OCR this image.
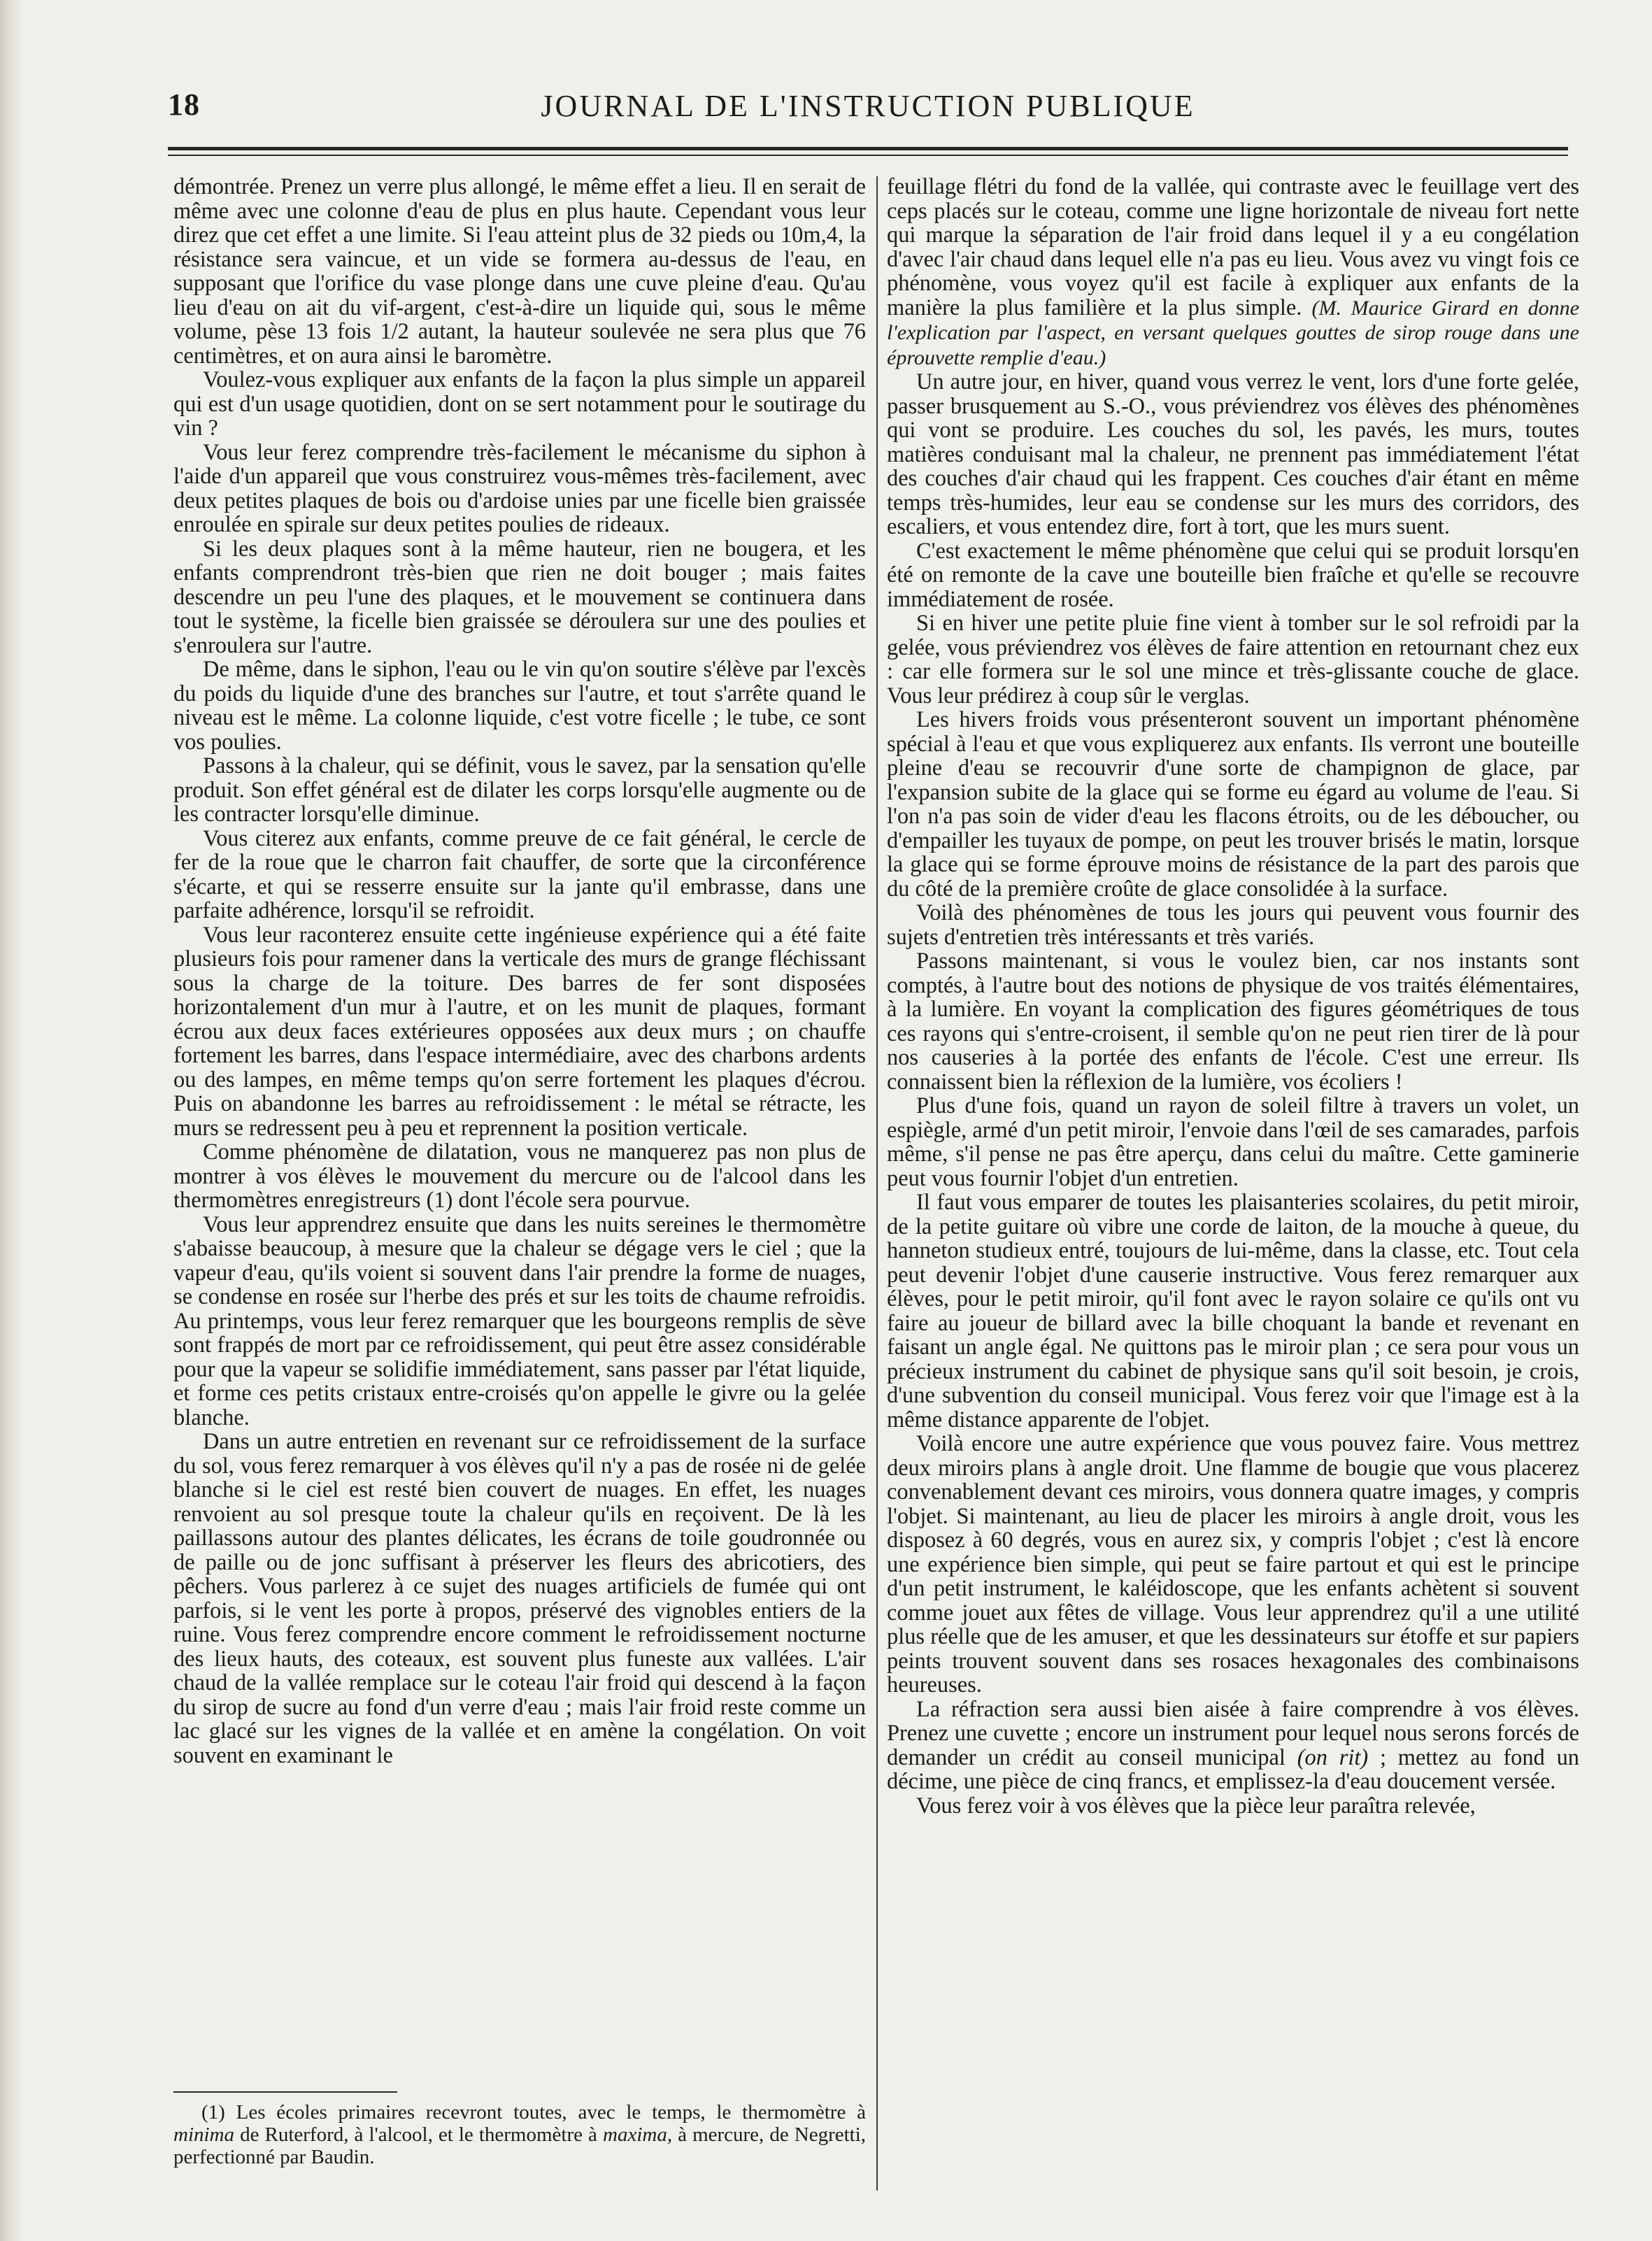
18	JOURNAL DE L'INSTRUCTION PUBLIQUE

démontrée. Prenez un verre plus allongé, le même effet a lieu. Il en serait de même avec une colonne d'eau de plus en plus haute. Cependant vous leur direz que cet effet a une limite. Si l'eau atteint plus de 32 pieds ou 10m,4, la résistance sera vaincue, et un vide se formera au-dessus de l'eau, en supposant que l'orifice du vase plonge dans une cuve pleine d'eau. Qu'au lieu d'eau on ait du vif-argent, c'est-à-dire un liquide qui, sous le même volume, pèse 13 fois 1/2 autant, la hauteur soulevée ne sera plus que 76 centimètres, et on aura ainsi le baromètre.

Voulez-vous expliquer aux enfants de la façon la plus simple un appareil qui est d'un usage quotidien, dont on se sert notamment pour le soutirage du vin ?

Vous leur ferez comprendre très-facilement le mécanisme du siphon à l'aide d'un appareil que vous construirez vous-mêmes très-facilement, avec deux petites plaques de bois ou d'ardoise unies par une ficelle bien graissée enroulée en spirale sur deux petites poulies de rideaux.

Si les deux plaques sont à la même hauteur, rien ne bougera, et les enfants comprendront très-bien que rien ne doit bouger ; mais faites descendre un peu l'une des plaques, et le mouvement se continuera dans tout le système, la ficelle bien graissée se déroulera sur une des poulies et s'enroulera sur l'autre.

De même, dans le siphon, l'eau ou le vin qu'on soutire s'élève par l'excès du poids du liquide d'une des branches sur l'autre, et tout s'arrête quand le niveau est le même. La colonne liquide, c'est votre ficelle ; le tube, ce sont vos poulies.

Passons à la chaleur, qui se définit, vous le savez, par la sensation qu'elle produit. Son effet général est de dilater les corps lorsqu'elle augmente ou de les contracter lorsqu'elle diminue.

Vous citerez aux enfants, comme preuve de ce fait général, le cercle de fer de la roue que le charron fait chauffer, de sorte que la circonférence s'écarte, et qui se resserre ensuite sur la jante qu'il embrasse, dans une parfaite adhérence, lorsqu'il se refroidit.

Vous leur raconterez ensuite cette ingénieuse expérience qui a été faite plusieurs fois pour ramener dans la verticale des murs de grange fléchissant sous la charge de la toiture. Des barres de fer sont disposées horizontalement d'un mur à l'autre, et on les munit de plaques, formant écrou aux deux faces extérieures opposées aux deux murs ; on chauffe fortement les barres, dans l'espace intermédiaire, avec des charbons ardents ou des lampes, en même temps qu'on serre fortement les plaques d'écrou. Puis on abandonne les barres au refroidissement : le métal se rétracte, les murs se redressent peu à peu et reprennent la position verticale.

Comme phénomène de dilatation, vous ne manquerez pas non plus de montrer à vos élèves le mouvement du mercure ou de l'alcool dans les thermomètres enregistreurs (1) dont l'école sera pourvue.

Vous leur apprendrez ensuite que dans les nuits sereines le thermomètre s'abaisse beaucoup, à mesure que la chaleur se dégage vers le ciel ; que la vapeur d'eau, qu'ils voient si souvent dans l'air prendre la forme de nuages, se condense en rosée sur l'herbe des prés et sur les toits de chaume refroidis. Au printemps, vous leur ferez remarquer que les bourgeons remplis de sève sont frappés de mort par ce refroidissement, qui peut être assez considérable pour que la vapeur se solidifie immédiatement, sans passer par l'état liquide, et forme ces petits cristaux entre-croisés qu'on appelle le givre ou la gelée blanche.

Dans un autre entretien en revenant sur ce refroidissement de la surface du sol, vous ferez remarquer à vos élèves qu'il n'y a pas de rosée ni de gelée blanche si le ciel est resté bien couvert de nuages. En effet, les nuages renvoient au sol presque toute la chaleur qu'ils en reçoivent. De là les paillassons autour des plantes délicates, les écrans de toile goudronnée ou de paille ou de jonc suffisant à préserver les fleurs des abricotiers, des pêchers. Vous parlerez à ce sujet des nuages artificiels de fumée qui ont parfois, si le vent les porte à propos, préservé des vignobles entiers de la ruine. Vous ferez comprendre encore comment le refroidissement nocturne des lieux hauts, des coteaux, est souvent plus funeste aux vallées. L'air chaud de la vallée remplace sur le coteau l'air froid qui descend à la façon du sirop de sucre au fond d'un verre d'eau ; mais l'air froid reste comme un lac glacé sur les vignes de la vallée et en amène la congélation. On voit souvent en examinant le

feuillage flétri du fond de la vallée, qui contraste avec le feuillage vert des ceps placés sur le coteau, comme une ligne horizontale de niveau fort nette qui marque la séparation de l'air froid dans lequel il y a eu congélation d'avec l'air chaud dans lequel elle n'a pas eu lieu. Vous avez vu vingt fois ce phénomène, vous voyez qu'il est facile à expliquer aux enfants de la manière la plus familière et la plus simple. (M. Maurice Girard en donne l'explication par l'aspect, en versant quelques gouttes de sirop rouge dans une éprouvette remplie d'eau.)

Un autre jour, en hiver, quand vous verrez le vent, lors d'une forte gelée, passer brusquement au S.-O., vous préviendrez vos élèves des phénomènes qui vont se produire. Les couches du sol, les pavés, les murs, toutes matières conduisant mal la chaleur, ne prennent pas immédiatement l'état des couches d'air chaud qui les frappent. Ces couches d'air étant en même temps très-humides, leur eau se condense sur les murs des corridors, des escaliers, et vous entendez dire, fort à tort, que les murs suent.

C'est exactement le même phénomène que celui qui se produit lorsqu'en été on remonte de la cave une bouteille bien fraîche et qu'elle se recouvre immédiatement de rosée.

Si en hiver une petite pluie fine vient à tomber sur le sol refroidi par la gelée, vous préviendrez vos élèves de faire attention en retournant chez eux : car elle formera sur le sol une mince et très-glissante couche de glace. Vous leur prédirez à coup sûr le verglas.

Les hivers froids vous présenteront souvent un important phénomène spécial à l'eau et que vous expliquerez aux enfants. Ils verront une bouteille pleine d'eau se recouvrir d'une sorte de champignon de glace, par l'expansion subite de la glace qui se forme eu égard au volume de l'eau. Si l'on n'a pas soin de vider d'eau les flacons étroits, ou de les déboucher, ou d'empailler les tuyaux de pompe, on peut les trouver brisés le matin, lorsque la glace qui se forme éprouve moins de résistance de la part des parois que du côté de la première croûte de glace consolidée à la surface.

Voilà des phénomènes de tous les jours qui peuvent vous fournir des sujets d'entretien très intéressants et très variés.

Passons maintenant, si vous le voulez bien, car nos instants sont comptés, à l'autre bout des notions de physique de vos traités élémentaires, à la lumière. En voyant la complication des figures géométriques de tous ces rayons qui s'entre-croisent, il semble qu'on ne peut rien tirer de là pour nos causeries à la portée des enfants de l'école. C'est une erreur. Ils connaissent bien la réflexion de la lumière, vos écoliers !

Plus d'une fois, quand un rayon de soleil filtre à travers un volet, un espiègle, armé d'un petit miroir, l'envoie dans l'œil de ses camarades, parfois même, s'il pense ne pas être aperçu, dans celui du maître. Cette gaminerie peut vous fournir l'objet d'un entretien.

Il faut vous emparer de toutes les plaisanteries scolaires, du petit miroir, de la petite guitare où vibre une corde de laiton, de la mouche à queue, du hanneton studieux entré, toujours de lui-même, dans la classe, etc. Tout cela peut devenir l'objet d'une causerie instructive. Vous ferez remarquer aux élèves, pour le petit miroir, qu'il font avec le rayon solaire ce qu'ils ont vu faire au joueur de billard avec la bille choquant la bande et revenant en faisant un angle égal. Ne quittons pas le miroir plan ; ce sera pour vous un précieux instrument du cabinet de physique sans qu'il soit besoin, je crois, d'une subvention du conseil municipal. Vous ferez voir que l'image est à la même distance apparente de l'objet.

Voilà encore une autre expérience que vous pouvez faire. Vous mettrez deux miroirs plans à angle droit. Une flamme de bougie que vous placerez convenablement devant ces miroirs, vous donnera quatre images, y compris l'objet. Si maintenant, au lieu de placer les miroirs à angle droit, vous les disposez à 60 degrés, vous en aurez six, y compris l'objet ; c'est là encore une expérience bien simple, qui peut se faire partout et qui est le principe d'un petit instrument, le kaléidoscope, que les enfants achètent si souvent comme jouet aux fêtes de village. Vous leur apprendrez qu'il a une utilité plus réelle que de les amuser, et que les dessinateurs sur étoffe et sur papiers peints trouvent souvent dans ses rosaces hexagonales des combinaisons heureuses.

La réfraction sera aussi bien aisée à faire comprendre à vos élèves. Prenez une cuvette ; encore un instrument pour lequel nous serons forcés de demander un crédit au conseil municipal (on rit) ; mettez au fond un décime, une pièce de cinq francs, et emplissez-la d'eau doucement versée.

Vous ferez voir à vos élèves que la pièce leur paraîtra relevée,

(1) Les écoles primaires recevront toutes, avec le temps, le thermomètre à minima de Ruterford, à l'alcool, et le thermomètre à maxima, à mercure, de Negretti, perfectionné par Baudin.
